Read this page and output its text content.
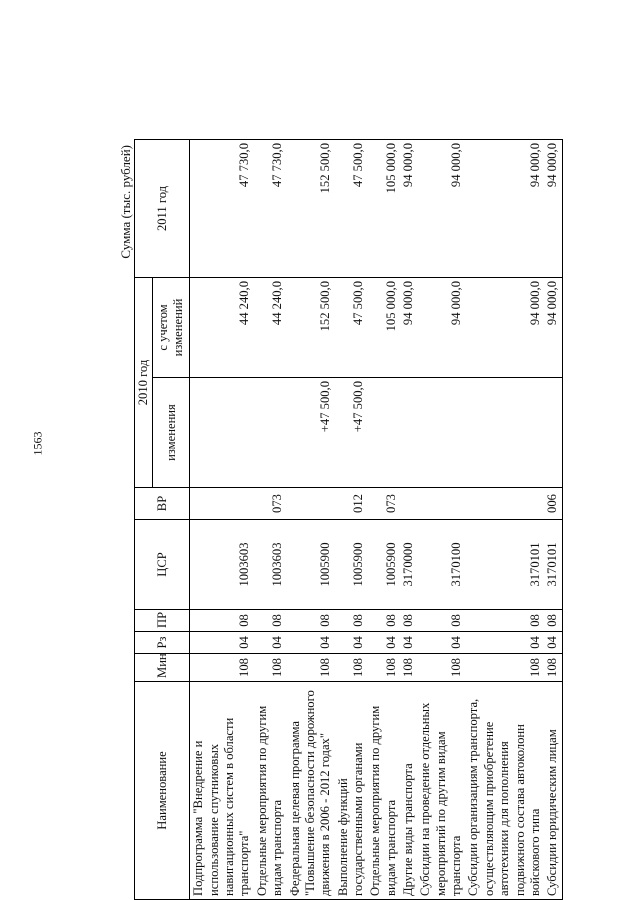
1563
Сумма (тыс. рублей)
Наименование	Мин	Рз	ПР	ЦСР	ВР	2010 год		2011 год
						изменения	с учетом изменений	
Подпрограмма "Внедрение и использование спутниковых навигационных систем в области транспорта"	108	04	08	1003603			44 240,0	47 730,0
Отдельные мероприятия по другим видам транспорта	108	04	08	1003603	073		44 240,0	47 730,0
Федеральная целевая программа "Повышение безопасности дорожного движения в 2006 - 2012 годах"	108	04	08	1005900		+47 500,0	152 500,0	152 500,0
Выполнение функций государственными органами	108	04	08	1005900	012	+47 500,0	47 500,0	47 500,0
Отдельные мероприятия по другим видам транспорта	108	04	08	1005900	073		105 000,0	105 000,0
Другие виды транспорта	108	04	08	3170000			94 000,0	94 000,0
Субсидии на проведение отдельных мероприятий по другим видам транспорта	108	04	08	3170100			94 000,0	94 000,0
Субсидии организациям транспорта, осуществляющим приобретение автотехники для пополнения подвижного состава автоколонн войскового типа	108	04	08	3170101			94 000,0	94 000,0
Субсидии юридическим лицам	108	04	08	3170101	006		94 000,0	94 000,0
